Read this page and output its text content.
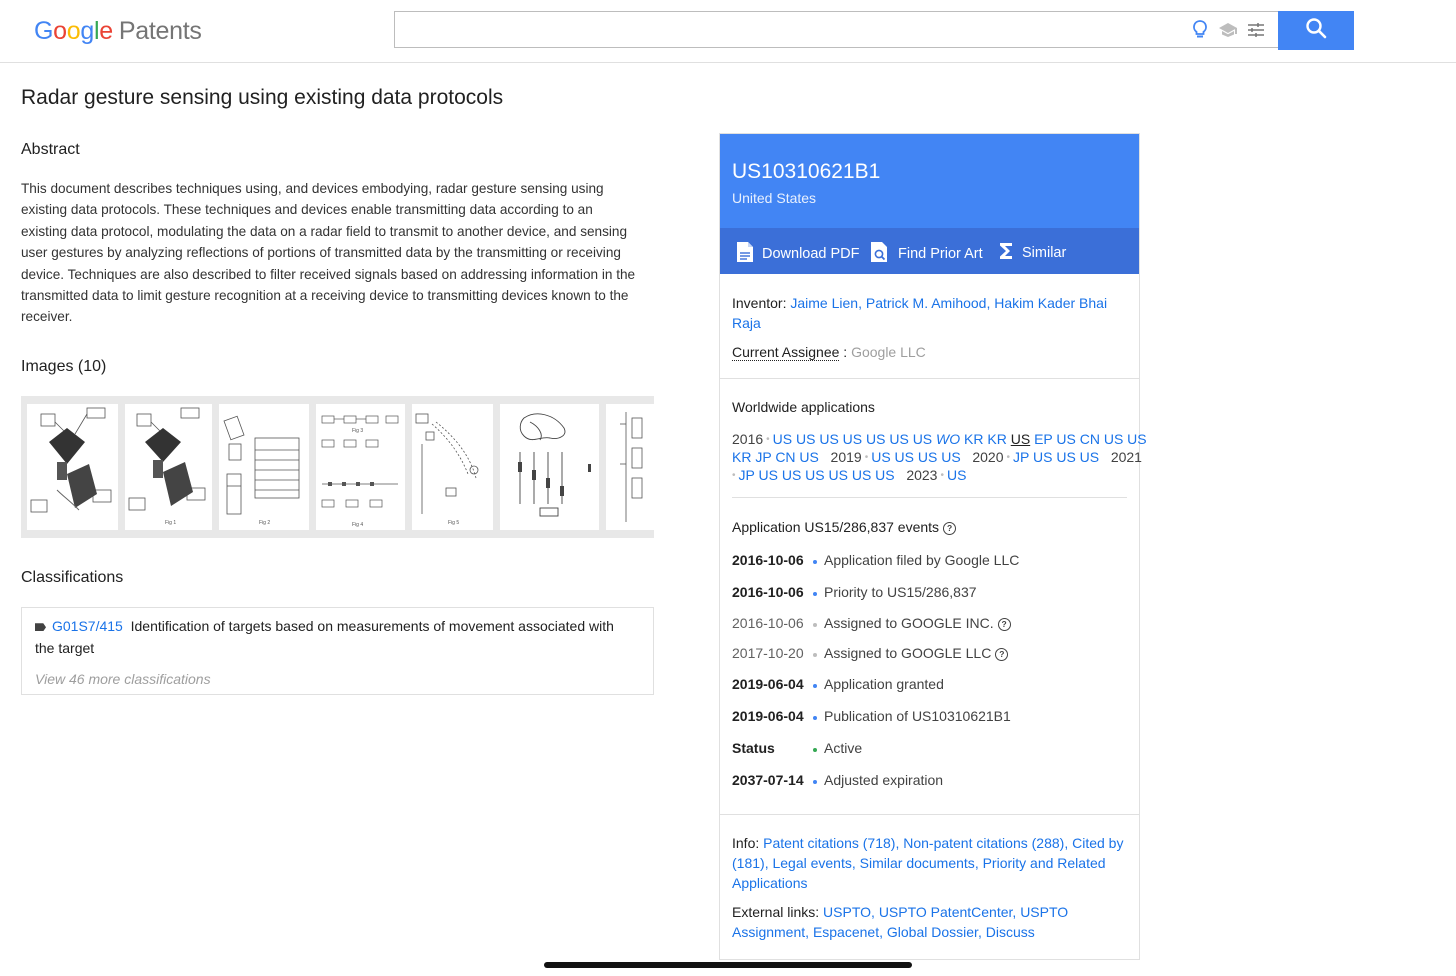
Google Patents
Radar gesture sensing using existing data protocols
Abstract
This document describes techniques using, and devices embodying, radar gesture sensing using existing data protocols. These techniques and devices enable transmitting data according to an existing data protocol, modulating the data on a radar field to transmit to another device, and sensing user gestures by analyzing reflections of portions of transmitted data by the transmitting or receiving device. Techniques are also described to filter received signals based on addressing information in the transmitted data to limit gesture recognition at a receiving device to transmitting devices known to the receiver.
Images (10)
Fig 1	Fig 2
Fig 3
Fig 4	Fig 5
Classifications
G01S7/415 Identification of targets based on measurements of movement associated with the target
View 46 more classifications
US10310621B1
United States
Download PDF	Find Prior Art	Similar
Inventor: Jaime Lien, Patrick M. Amihood, Hakim Kader Bhai Raja
Current Assignee : Google LLC
Worldwide applications
2016 • US US US US US US US WO KR KR US EP US CN US US
KR JP CN US 2019 • US US US US 2020 • JP US US US 2021
• JP US US US US US US 2023 • US
Application US15/286,837 events ?
2016-10-06 Application filed by Google LLC
2016-10-06 Priority to US15/286,837
2016-10-06 Assigned to GOOGLE INC. ?
2017-10-20 Assigned to GOOGLE LLC ?
2019-06-04 Application granted
2019-06-04 Publication of US10310621B1
Status	Active
2037-07-14 Adjusted expiration
Info: Patent citations (718), Non-patent citations (288), Cited by (181), Legal events, Similar documents, Priority and Related Applications
External links: USPTO, USPTO PatentCenter, USPTO Assignment, Espacenet, Global Dossier, Discuss
